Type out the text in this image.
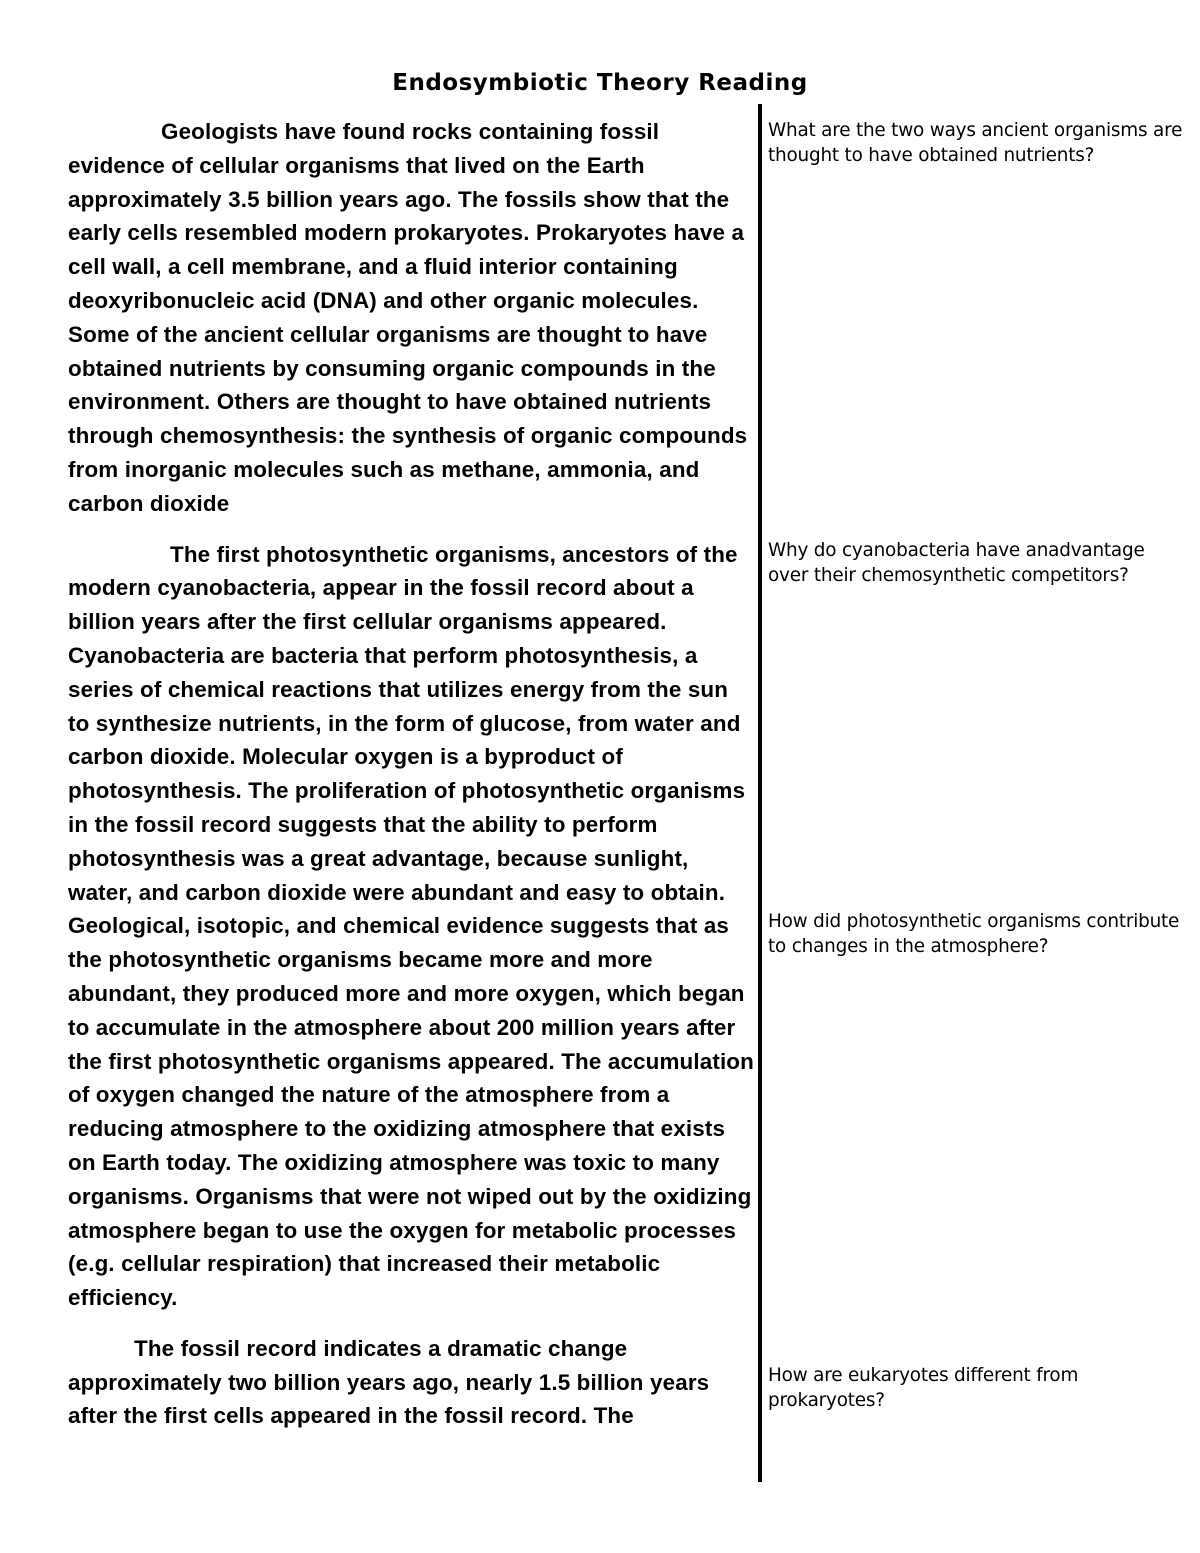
Endosymbiotic Theory Reading

Geologists have found rocks containing fossil evidence of cellular organisms that lived on the Earth approximately 3.5 billion years ago. The fossils show that the early cells resembled modern prokaryotes. Prokaryotes have a cell wall, a cell membrane, and a fluid interior containing deoxyribonucleic acid (DNA) and other organic molecules. Some of the ancient cellular organisms are thought to have obtained nutrients by consuming organic compounds in the environment. Others are thought to have obtained nutrients through chemosynthesis: the synthesis of organic compounds from inorganic molecules such as methane, ammonia, and carbon dioxide

The first photosynthetic organisms, ancestors of the modern cyanobacteria, appear in the fossil record about a billion years after the first cellular organisms appeared. Cyanobacteria are bacteria that perform photosynthesis, a series of chemical reactions that utilizes energy from the sun to synthesize nutrients, in the form of glucose, from water and carbon dioxide. Molecular oxygen is a byproduct of photosynthesis. The proliferation of photosynthetic organisms in the fossil record suggests that the ability to perform photosynthesis was a great advantage, because sunlight, water, and carbon dioxide were abundant and easy to obtain. Geological, isotopic, and chemical evidence suggests that as the photosynthetic organisms became more and more abundant, they produced more and more oxygen, which began to accumulate in the atmosphere about 200 million years after the first photosynthetic organisms appeared. The accumulation of oxygen changed the nature of the atmosphere from a reducing atmosphere to the oxidizing atmosphere that exists on Earth today. The oxidizing atmosphere was toxic to many organisms. Organisms that were not wiped out by the oxidizing atmosphere began to use the oxygen for metabolic processes (e.g. cellular respiration) that increased their metabolic efficiency.

The fossil record indicates a dramatic change approximately two billion years ago, nearly 1.5 billion years after the first cells appeared in the fossil record. The

What are the two ways ancient organisms are thought to have obtained nutrients?

Why do cyanobacteria have anadvantage over their chemosynthetic competitors?

How did photosynthetic organisms contribute to changes in the atmosphere?

How are eukaryotes different from prokaryotes?
